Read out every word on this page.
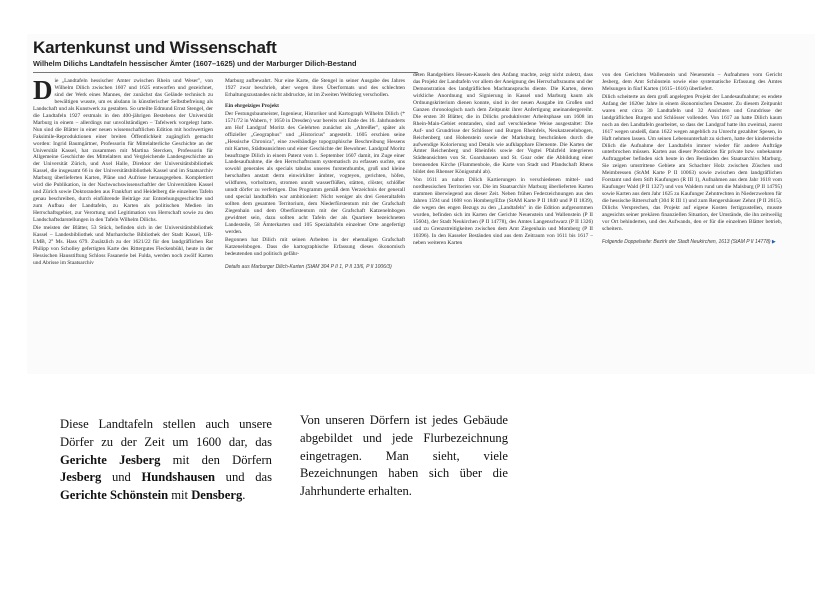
Kartenkunst und Wissenschaft
Wilhelm Dilichs Landtafeln hessischer Ämter (1607–1625) und der Marburger Dilich-Bestand

Die „Landtafeln hessischer Ämter zwischen Rhein und Weser", von Wilhelm Dilich zwischen 1607 und 1625 entworfen und gezeichnet, sind der Werk eines Mannes, der zunächst das Gelände technisch zu bewältigen wusste, um es alsdann in künstlerischer Selbstbefreiung als Landschaft und als Kunstwerk zu gestalten. So urteilte Edmund Ernst Stengel, der die Landtafeln 1927 erstmals in den 400-jährigen Bestehens der Universität Marburg in einem – allerdings nur unvollständigen – Tafelwerk vorgelegt hatte. Nun sind die Blätter in einer neuen wissenschaftlichen Edition mit hochwertigen Faksimile-Reproduktionen einer breiten Öffentlichkeit zugänglich gemacht worden: Ingrid Baumgärtner, Professorin für Mittelalterliche Geschichte an der Universität Kassel, hat zusammen mit Martina Stercken, Professorin für Allgemeine Geschichte des Mittelalters und Vergleichende Landesgeschichte an der Universität Zürich, und Axel Halle, Direktor der Universitätsbibliothek Kassel, die insgesamt 66 in der Universitätsbibliothek Kassel und im Staatsarchiv Marburg überlieferten Karten, Pläne und Aufrisse herausgegeben. Komplettiert wird die Publikation, in der Nachwuchswissenschaftler der Universitäten Kassel und Zürich sowie Doktoranden aus Frankfurt und Heidelberg die einzelnen Tafeln genau beschreiben, durch einführende Beiträge zur Entstehungsgeschichte und zum Aufbau der Landtafeln, zu Karten als politischen Medien im Herrschaftsgebiet, zur Verortung und Legitimation von Herrschaft sowie zu den Landschaftsdarstellungen in den Tafeln Wilhelm Dilichs.

Die meisten der Blätter, 53 Stück, befinden sich in der Universitätsbibliothek Kassel – Landesbibliothek und Murhardsche Bibliothek der Stadt Kassel, UB-LMB, 2° Ms. Hass 679. Zusätzlich zu der 1621/22 für den landgräflichen Rat Philipp von Scholley gefertigten Karte des Rittergutes Fleckenbühl, heute in der Hessischen Hausstiftung Schloss Fasanerie bei Fulda, werden noch zwölf Karten und Abrisse im Staatsarchiv

Marburg aufbewahrt. Nur eine Karte, die Stengel in seiner Ausgabe des Jahres 1927 zwar beschrieb, aber wegen ihres Überformats und des schlechten Erhaltungszustandes nicht abdruckte, ist im Zweiten Weltkrieg verschollen.

Ein ehrgeiziges Projekt

Der Festungsbaumeister, Ingenieur, Historiker und Kartograph Wilhelm Dilich (* 1571/72 in Wabern, † 1650 in Dresden) war bereits seit Ende des 16. Jahrhunderts am Hof Landgraf Moritz des Gelehrten zunächst als „Abreißer", später als offizieller „Geographus" und „Historicus" angestellt. 1605 erschien seine „Hessische Chronica", eine zweibändige topographische Beschreibung Hessens mit Karten, Städteansichten und einer Geschichte der Bewohner. Landgraf Moritz beauftragte Dilich in einem Patent vom 1. September 1607 damit, im Zuge einer Landesaufnahme, die den Herrschaftsraum systematisch zu erfassen suchte, uns sowohl generales als specials tabulas unseres furstenthumbs, groß und kleine herschaften anstatt derm einwirkliter ämbter, vogteyen, gerichten, höfen, wildfuren, vorholtzern, stromen unndt wasserflüßen, stätten, clöster, schlößer unndt dörfer zu verfertigen. Das Programm gemäß dem Verzeichnis der generall und special landtaffeln war ambitioniert: Nicht weniger als drei Generaltafeln sollten dem gesamten Territorium, dem Niederfürstentum mit der Grafschaft Ziegenhain und dem Oberfürstentum mit der Grafschaft Katzenelnbogen gewidmet sein, dazu sollten acht Tafeln der als Quartiere bezeichneten Landesteile, 58 Ämterkarten und 105 Spezialtafeln einzelner Orte angefertigt werden.

Begonnen hat Dilich mit seinen Arbeiten in der ehemaligen Grafschaft Katzenelnbogen. Dass die kartographische Erfassung dieses ökonomisch bedeutenden und politisch gefähr-

Details aus Marburger Dilich-Karten (StAM 304 P II 1, P II 13/6, P II 1006/3)

deten Randgebiets Hessen-Kassels den Anfang machte, zeigt nicht zuletzt, dass das Projekt der Landtafeln vor allem der Aneignung des Herrschaftsraums und der Demonstration des landgräflichen Machtanspruchs diente. Die Karten, deren wirkliche Anordnung und Signierung in Kassel und Marburg kaum als Ordnungskriterium dienen konnte, sind in der neuen Ausgabe im Großen und Ganzen chronologisch nach dem Zeitpunkt ihrer Anfertigung aneinandergereiht. Die ersten 38 Blätter, die in Dilichs produktivster Arbeitsphase um 1608 im Rhein-Main-Gebiet entstanden, sind auf verschiedene Weise ausgestaltet: Die Auf- und Grundrisse der Schlösser und Burgen Rheinfels, Neukatzenelnbogen, Reichenberg und Hohenstein sowie der Marksburg beschränken durch die aufwendige Kolorierung und Details wie aufklappbare Elemente. Die Karten der Ämter Reichenberg und Rheinfels sowie der Vogtei Pfalzfeld integrieren Städteansichten von St. Goarshausen und St. Goar oder die Abbildung einer brennenden Kirche (Flammenbole, die Karte von Stadt und Pfandschaft Rhens bildet den Rhenser Königsstuhl ab).

Von 1611 an nahm Dilich Kartierungen in verschiedenen mittel- und nordhessischen Territorien vor. Die im Staatsarchiv Marburg überlieferten Karten stammen überwiegend aus dieser Zeit. Neben frühen Federzeichnungen aus den Jahren 1594 und 1608 von Homberg/Efze (StAM Karte P II 1840 und P II 1839), die wegen des engen Bezugs zu den „Landtafeln" in die Edition aufgenommen wurden, befinden sich im Karten der Gerichte Neuenstein und Wallenstein (P II 15604), der Stadt Neukirchen (P II 14778), des Amtes Langenschwarz (P II 1326) und zu Grenzstreitigkeiten zwischen dem Amt Ziegenhain und Momberg (P II 10396). In den Kasseler Beständen sind aus dem Zeitraum von 1611 bis 1617 – neben weiteren Karten

von den Gerichten Wallenstein und Neuenstein – Aufnahmen vom Gericht Jesberg, dem Amt Schönstein sowie eine systematische Erfassung des Amtes Melsungen in fünf Karten (1615–1616) überliefert.

Dilich scheiterte an dem groß angelegten Projekt der Landesaufnahme; es endete Anfang der 1620er Jahre in einem ökonomischen Desaster. Zu diesem Zeitpunkt waren erst circa 30 Landtafeln und 32 Ansichten und Grundrisse der landgräflichen Burgen und Schlösser vollendet. Von 1617 an hatte Dilich kaum noch an den Landtafeln gearbeitet, so dass der Landgraf hatte ihn zweimal, zuerst 1617 wegen unsleiß, dann 1622 wegen angeblich zu Unrecht gezahlter Spesen, in Haft nehmen lassen. Um seinen Lebensunterhalt zu sichern, hatte der kinderreiche Dilich die Aufnahme der Landtafeln immer wieder für andere Aufträge unterbrochen müssen. Karten aus dieser Produktion für private bzw. unbekannte Auftraggeber befinden sich heute in den Beständen des Staatsarchivs Marburg. Sie zeigen umstrittene Gebiete am Schachter Holz zwischen Züschen und Meimbressen (StAM Karte P II 10063) sowie zwischen dem landgräflichen Forstamt und dem Stift Kaufungen (R III 1), Aufnahmen aus dem Jahr 1618 vom Kaufunger Wald (P II 1327) und von Waldern rund um die Malsburg (P II 14795) sowie Karten aus dem Jahr 1625 zu Kaufunger Zehntrechten in Niederzwehren für die hessische Ritterschaft (304 R III 1) und zum Rengershäuser Zehnt (P II 2615). Dilichs Versprechen, das Projekt auf eigene Kosten fertigzustellen, musste angesichts seiner prekären finanziellen Situation, der Umstände, die ihn zeitweilig vor Ort behinderten, und des Aufwands, den er für die einzelnen Blätter betrieb, scheitern.

Folgende Doppelseite: Bezirk der Stadt Neukirchen, 1613 (StAM P II 14778) ▶

Diese Landtafeln stellen auch unsere Dörfer zu der Zeit um 1600 dar, das Gerichte Jesberg mit den Dörfern Jesberg und Hundshausen und das Gerichte Schönstein mit Densberg.

Von unseren Dörfern ist jedes Gebäude abgebildet und jede Flurbezeichnung eingetragen. Man sieht, viele Bezeichnungen haben sich über die Jahrhunderte erhalten.
